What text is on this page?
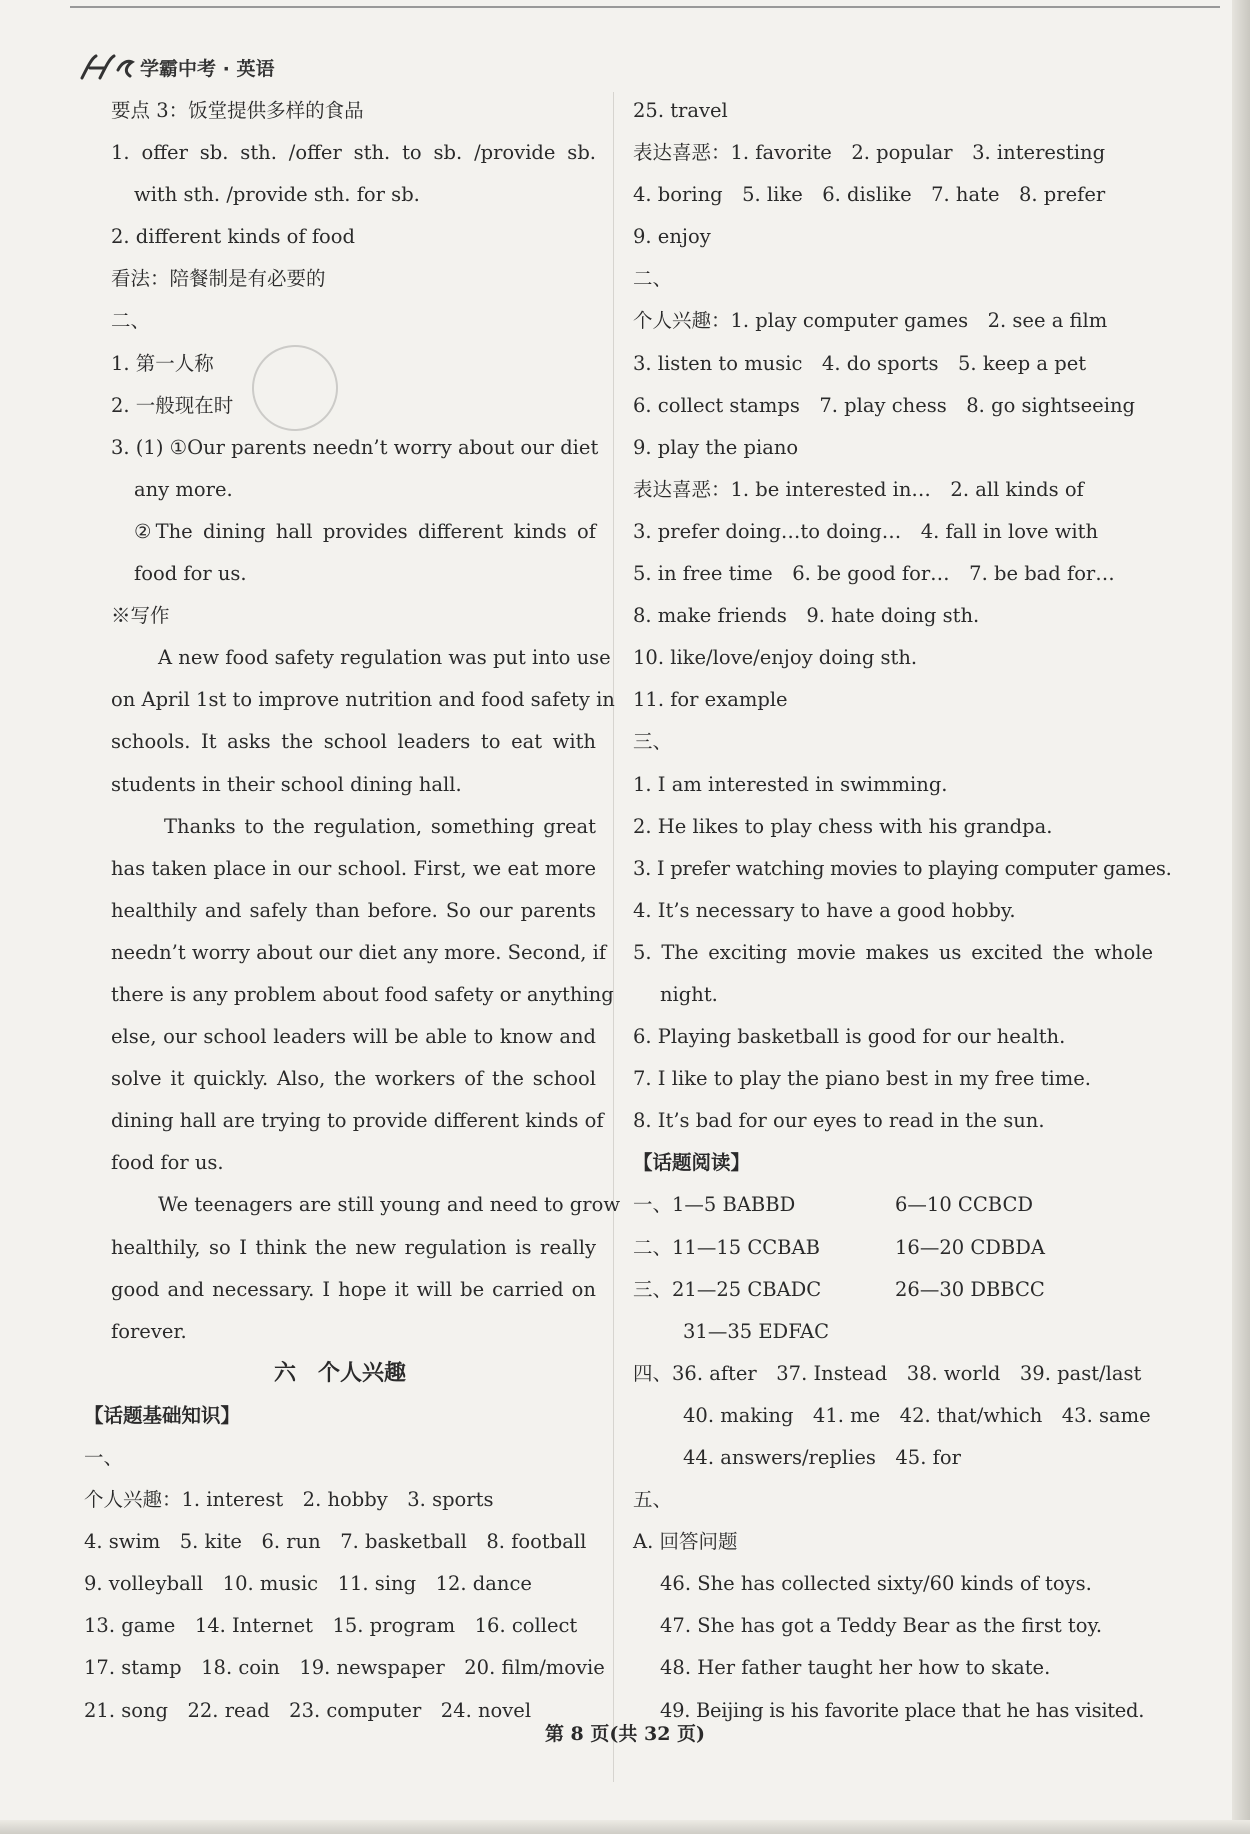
学霸中考 · 英语
要点 3：饭堂提供多样的食品
1. offer sb. sth. /offer sth. to sb. /provide sb.
with sth. /provide sth. for sb.
2. different kinds of food
看法：陪餐制是有必要的
二、
1. 第一人称
2. 一般现在时
3. (1) ①Our parents needn’t worry about our diet
any more.
②The dining hall provides different kinds of
food for us.
※写作
A new food safety regulation was put into use
on April 1st to improve nutrition and food safety in
schools. It asks the school leaders to eat with
students in their school dining hall.
Thanks to the regulation, something great
has taken place in our school. First, we eat more
healthily and safely than before. So our parents
needn’t worry about our diet any more. Second, if
there is any problem about food safety or anything
else, our school leaders will be able to know and
solve it quickly. Also, the workers of the school
dining hall are trying to provide different kinds of
food for us.
We teenagers are still young and need to grow
healthily, so I think the new regulation is really
good and necessary. I hope it will be carried on
forever.
六　个人兴趣
【话题基础知识】
一、
个人兴趣：1. interest　2. hobby　3. sports
4. swim　5. kite　6. run　7. basketball　8. football
9. volleyball　10. music　11. sing　12. dance
13. game　14. Internet　15. program　16. collect
17. stamp　18. coin　19. newspaper　20. film/movie
21. song　22. read　23. computer　24. novel
25. travel
表达喜恶：1. favorite　2. popular　3. interesting
4. boring　5. like　6. dislike　7. hate　8. prefer
9. enjoy
二、
个人兴趣：1. play computer games　2. see a film
3. listen to music　4. do sports　5. keep a pet
6. collect stamps　7. play chess　8. go sightseeing
9. play the piano
表达喜恶：1. be interested in…　2. all kinds of
3. prefer doing…to doing…　4. fall in love with
5. in free time　6. be good for…　7. be bad for…
8. make friends　9. hate doing sth.
10. like/love/enjoy doing sth.
11. for example
三、
1. I am interested in swimming.
2. He likes to play chess with his grandpa.
3. I prefer watching movies to playing computer games.
4. It’s necessary to have a good hobby.
5. The exciting movie makes us excited the whole
night.
6. Playing basketball is good for our health.
7. I like to play the piano best in my free time.
8. It’s bad for our eyes to read in the sun.
【话题阅读】
一、1—5 BABBD	6—10 CCBCD
二、11—15 CCBAB	16—20 CDBDA
三、21—25 CBADC	26—30 DBBCC
31—35 EDFAC
四、36. after　37. Instead　38. world　39. past/last
40. making　41. me　42. that/which　43. same
44. answers/replies　45. for
五、
A. 回答问题
46. She has collected sixty/60 kinds of toys.
47. She has got a Teddy Bear as the first toy.
48. Her father taught her how to skate.
49. Beijing is his favorite place that he has visited.
第 8 页(共 32 页)
